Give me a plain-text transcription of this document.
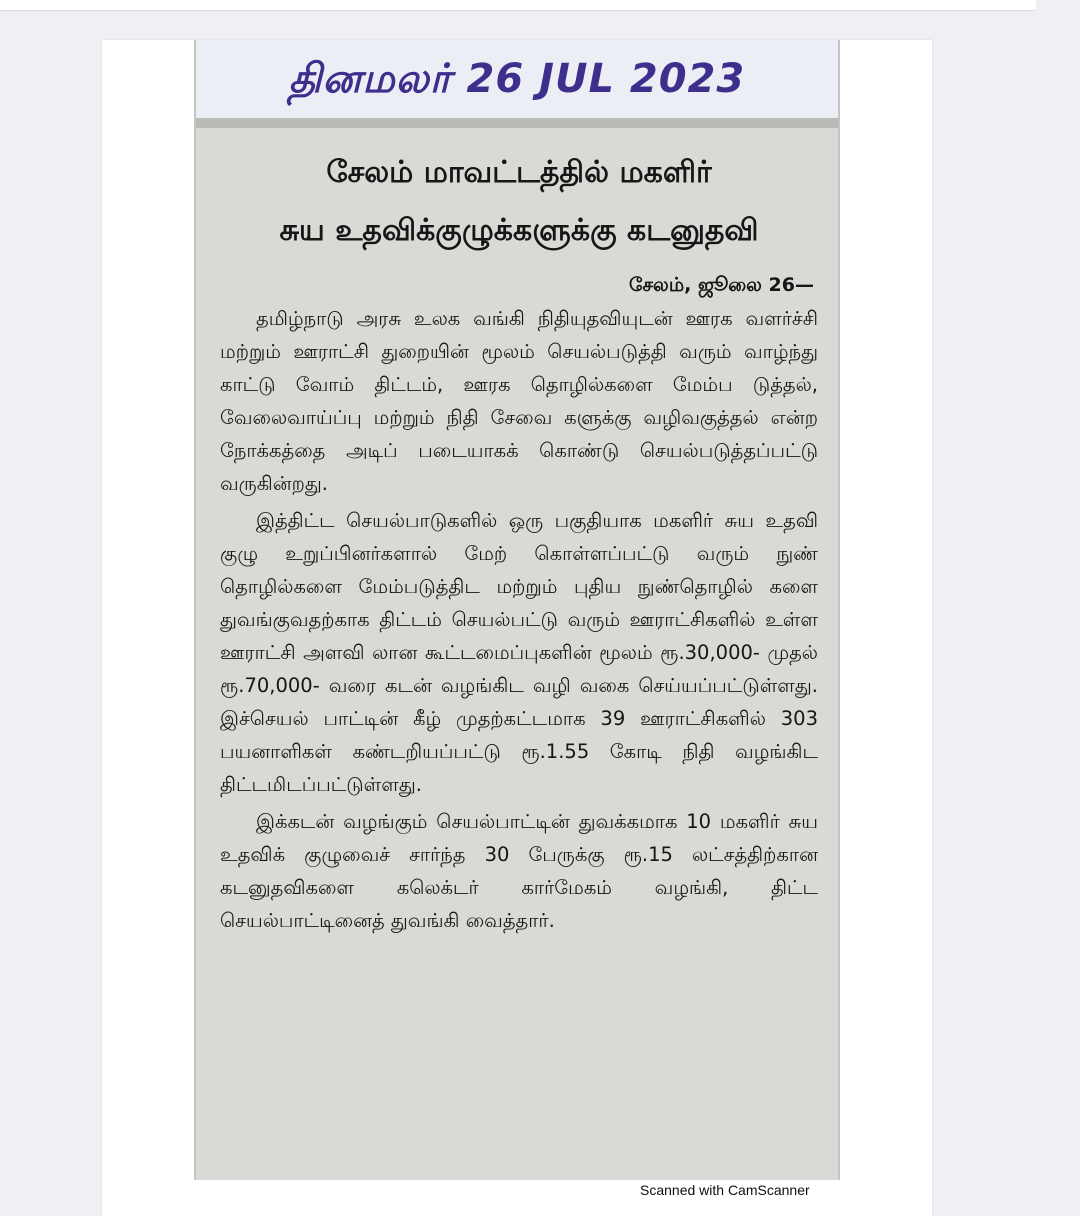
தினமலர் 26 JUL 2023
சேலம் மாவட்டத்தில் மகளிர்
சுய உதவிக்குழுக்களுக்கு கடனுதவி
சேலம், ஜூலை 26—

தமிழ்நாடு அரசு உலக வங்கி நிதியுதவியுடன் ஊரக வளர்ச்சி மற்றும் ஊராட்சி துறையின் மூலம் செயல்படுத்தி வரும் வாழ்ந்து காட்டு வோம் திட்டம், ஊரக தொழில்களை மேம்ப டுத்தல், வேலைவாய்ப்பு மற்றும் நிதி சேவை களுக்கு வழிவகுத்தல் என்ற நோக்கத்தை அடிப் படையாகக் கொண்டு செயல்படுத்தப்பட்டு வருகின்றது.

இத்திட்ட செயல்பாடுகளில் ஒரு பகுதியாக மகளிர் சுய உதவி குழு உறுப்பினர்களால் மேற் கொள்ளப்பட்டு வரும் நுண் தொழில்களை மேம்படுத்திட மற்றும் புதிய நுண்தொழில் களை துவங்குவதற்காக திட்டம் செயல்பட்டு வரும் ஊராட்சிகளில் உள்ள ஊராட்சி அளவி லான கூட்டமைப்புகளின் மூலம் ரூ.30,000- முதல் ரூ.70,000- வரை கடன் வழங்கிட வழி வகை செய்யப்பட்டுள்ளது. இச்செயல் பாட்டின் கீழ் முதற்கட்டமாக 39 ஊராட்சிகளில் 303 பயனாளிகள் கண்டறியப்பட்டு ரூ.1.55 கோடி நிதி வழங்கிட திட்டமிடப்பட்டுள்ளது.

இக்கடன் வழங்கும் செயல்பாட்டின் துவக்கமாக 10 மகளிர் சுய உதவிக் குழுவைச் சார்ந்த 30 பேருக்கு ரூ.15 லட்சத்திற்கான கடனுதவிகளை கலெக்டர் கார்மேகம் வழங்கி, திட்ட செயல்பாட்டினைத் துவங்கி வைத்தார்.

Scanned with CamScanner
